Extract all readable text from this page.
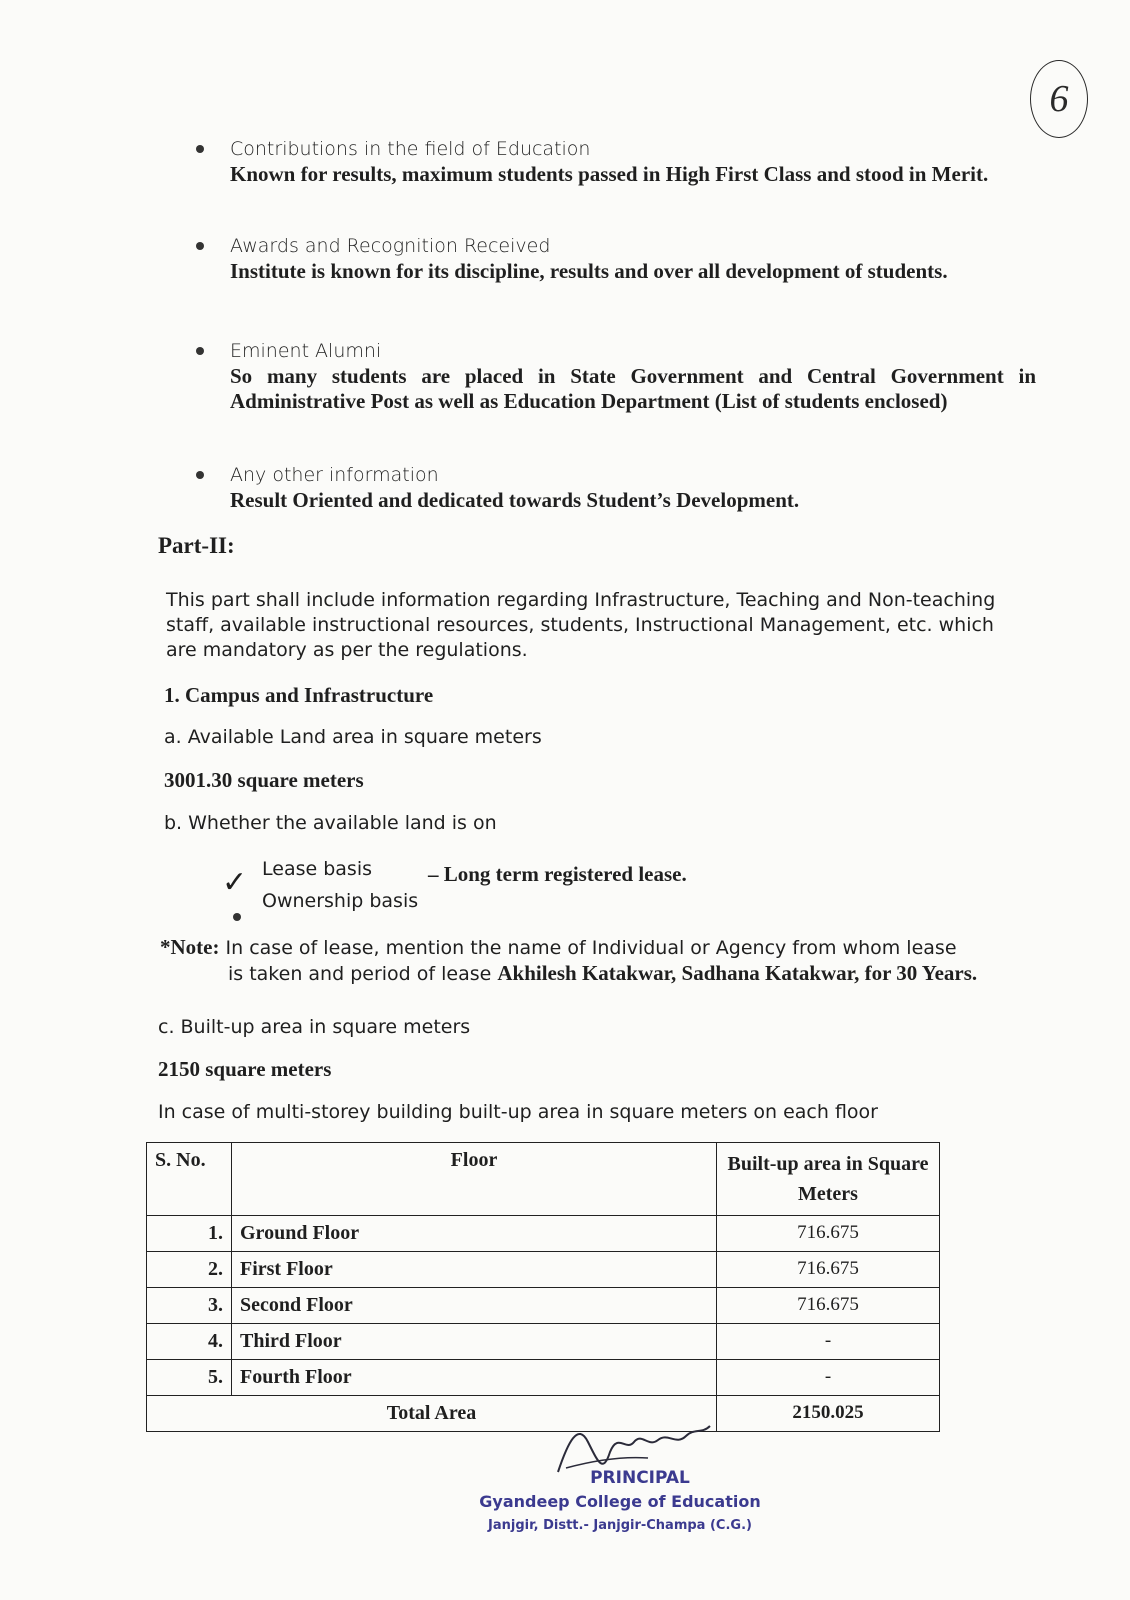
6
Contributions in the field of Education
Known for results, maximum students passed in High First Class and stood in Merit.
Awards and Recognition Received
Institute is known for its discipline, results and over all development of students.
Eminent Alumni
So many students are placed in State Government and Central Government in Administrative Post as well as Education Department (List of students enclosed)
Any other information
Result Oriented and dedicated towards Student’s Development.
Part-II:
This part shall include information regarding Infrastructure, Teaching and Non-teaching staff, available instructional resources, students, Instructional Management, etc. which are mandatory as per the regulations.
1. Campus and Infrastructure
a. Available Land area in square meters
3001.30 square meters
b. Whether the available land is on
✓ Lease basis	– Long term registered lease.
Ownership basis
*Note: In case of lease, mention the name of Individual or Agency from whom lease
is taken and period of lease Akhilesh Katakwar, Sadhana Katakwar, for 30 Years.
c. Built-up area in square meters
2150 square meters
In case of multi-storey building built-up area in square meters on each floor
S. No.	Floor	Built-up area in Square Meters
1.	Ground Floor	716.675
2.	First Floor	716.675
3.	Second Floor	716.675
4.	Third Floor	-
5.	Fourth Floor	-
Total Area		2150.025
PRINCIPAL
Gyandeep College of Education
Janjgir, Distt.- Janjgir-Champa (C.G.)
